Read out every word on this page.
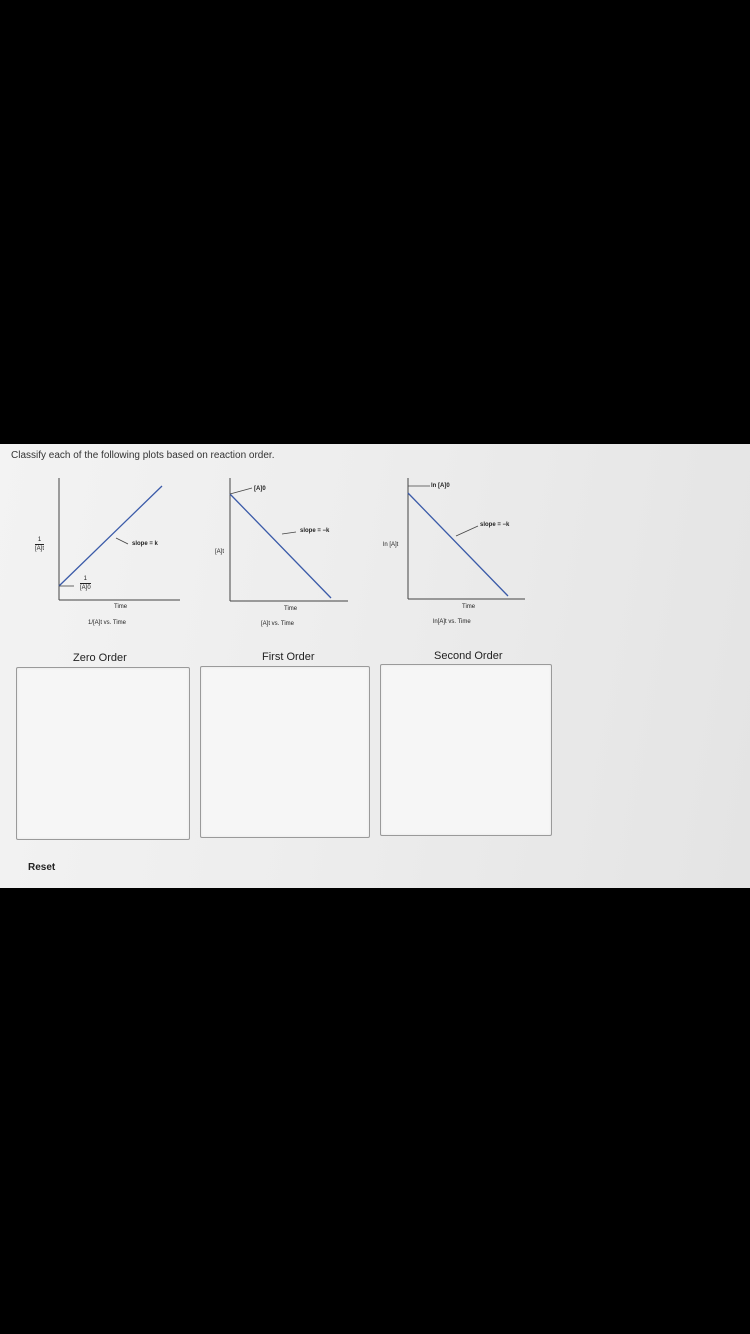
Classify each of the following plots based on reaction order.
$\frac{1}{[A]t}$
$\frac{1}{[A]0}$
slope = k
Time
1/[A]t vs. Time
[A]0
slope = −k
[A]t
Time
[A]t vs. Time
ln [A]0
slope = −k
ln [A]t
Time
ln[A]t vs. Time
Zero Order	First Order	Second Order
Reset
